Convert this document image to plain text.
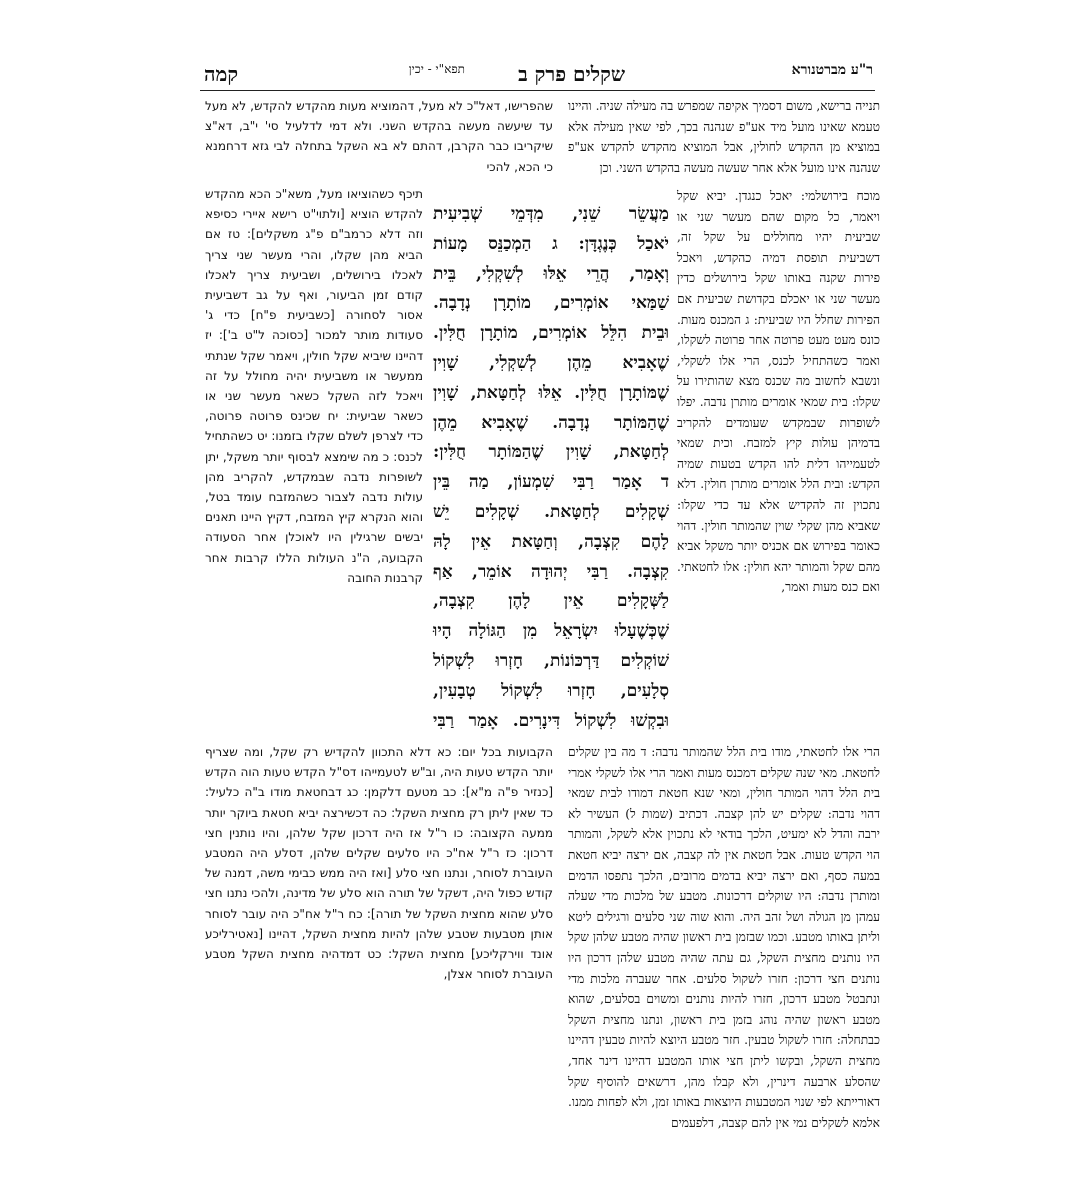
ר"ע מברטנורא
שקלים פרק ב
תפא"י - יכין
קמה

תנייה ברישא, משום דסמיך אקיפה שמפרש בה מעילה שניה. והיינו טעמא שאינו מועל מיד אע"פ שנהנה בכך, לפי שאין מעילה אלא במוציא מן ההקדש לחולין, אבל המוציא מהקדש להקדש אע"פ שנהנה אינו מועל אלא אחר שעשה מעשה בהקדש השני. וכן

מוכח בירושלמי: יאכל כנגדן. יביא שקל ויאמר, כל מקום שהם מעשר שני או שביעית יהיו מחוללים על שקל זה, דשביעית תופסת דמיה כהקדש, ויאכל פירות שקנה באותו שקל בירושלים כדין מעשר שני או יאכלם בקדושת שביעית אם הפירות שחלל היו שביעית: ג המכנס מעות. כונס מעט מעט פרוטה אחר פרוטה לשקלו, ואמר כשהתחיל לכנס, הרי אלו לשקלי, ונשבא לחשוב מה שכנס מצא שהותירו על שקלו: בית שמאי אומרים מותרן נדבה. יפלו לשופרות שבמקדש שעומדים להקריב בדמיהן עולות קיץ למזבח. וכית שמאי לטעמייהו דלית להו הקדש בטעות שמיה הקדש: ובית הלל אומרים מותרן חולין. דלא נתכוין זה להקדיש אלא עד כדי שקלו: שאביא מהן שקלי שוין שהמותר חולין. דהוי כאומר בפירוש אם אכניס יותר משקל אביא מהם שקל והמותר יהא חולין: אלו לחטאתי. ואם כנס מעות ואמר,

שהפרישו, דאל"כ לא מעל, דהמוציא מעות מהקדש להקדש, לא מעל עד שיעשה מעשה בהקדש השני. ולא דמי לדלעיל סי' י"ב, דא"צ שיקריבו כבר הקרבן, דהתם לא בא השקל בתחלה לבי גזא דרחמנא כי הכא, להכי

תיכף כשהוציאו מעל, משא"כ הכא מהקדש להקדש הוציא [ולתוי"ט רישא איירי כסיפא וזה דלא כרמב"ם פ"ג משקלים]: טז אם הביא מהן שקלו, והרי מעשר שני צריך לאכלו בירושלים, ושביעית צריך לאכלו קודם זמן הביעור, ואף על גב דשביעית אסור לסחורה [כשביעית פ"ח] כדי ג' סעודות מותר למכור [כסוכה ל"ט ב']: יז דהיינו שיביא שקל חולין, ויאמר שקל שנתתי ממעשר או משביעית יהיה מחולל על זה ויאכל לזה השקל כשאר מעשר שני או כשאר שביעית: יח שכינס פרוטה פרוטה, כדי לצרפן לשלם שקלו בזמנו: יט כשהתחיל לכנס: כ מה שימצא לבסוף יותר משקל, יתן לשופרות נדבה שבמקדש, להקריב מהן עולות נדבה לצבור כשהמזבח עומד בטל, והוא הנקרא קיץ המזבח, דקיץ היינו תאנים יבשים שרגילין היו לאוכלן אחר הסעודה הקבועה, ה"נ העולות הללו קרבות אחר קרבנות החובה

מַעֲשֵׂר שֵׁנִי, מִדְּמֵי שְׁבִיעִית
יֹאכַל כְּנֶגְדָּן: ג הַמְכַנֵּס מָעוֹת
וְאָמַר, הֲרֵי אֵלּוּ לְשִׁקְלִי, בֵּית
שַׁמַּאי אוֹמְרִים, מוֹתָרָן נְדָבָה.
וּבֵית הִלֵּל אוֹמְרִים, מוֹתָרָן חֻלִּין.
שֶׁאָבִיא מֵהֶן לְשִׁקְלִי, שָׁוִין
שֶׁמּוֹתָרָן חֻלִּין. אֵלּוּ לְחַטָּאת, שָׁוִין
שֶׁהַמּוֹתָר נְדָבָה. שֶׁאָבִיא מֵהֶן
לְחַטָּאת, שָׁוִין שֶׁהַמּוֹתָר חֻלִּין:
ד אָמַר רַבִּי שִׁמְעוֹן, מַה בֵּין
שְׁקָלִים לְחַטָּאת. שְׁקָלִים יֵשׁ
לָהֶם קִצְבָה, וְחַטָּאת אֵין לָהּ
קִצְבָה. רַבִּי יְהוּדָה אוֹמֵר, אַף
לַשְּׁקָלִים אֵין לָהֶן קִצְבָה,
שֶׁכְּשֶׁעָלוּ יִשְׂרָאֵל מִן הַגּוֹלָה הָיוּ
שׁוֹקְלִים דַּרְכּוֹנוֹת, חָזְרוּ לִשְׁקוֹל
סְלָעִים, חָזְרוּ לִשְׁקוֹל טְבָעִין,
וּבִקְשׁוּ לִשְׁקוֹל דִּינָרִים. אָמַר רַבִּי

הקבועות בכל יום: כא דלא התכוון להקדיש רק שקל, ומה שצריף יותר הקדש טעות היה, וב"ש לטעמייהו דס"ל הקדש טעות הוה הקדש [כנזיר פ"ה מ"א]: כב מטעם דלקמן: כג דבחטאת מודו ב"ה כלעיל: כד שאין ליתן רק מחצית השקל: כה דכשירצה יביא חטאת ביוקר יותר ממעה הקצובה: כו ר"ל אז היה דרכון שקל שלהן, והיו נותנין חצי דרכון: כז ר"ל אח"כ היו סלעים שקלים שלהן, דסלע היה המטבע העוברת לסוחר, ונתנו חצי סלע [ואז היה ממש כבימי משה, דמנה של קודש כפול היה, דשקל של תורה הוא סלע של מדינה, ולהכי נתנו חצי סלע שהוא מחצית השקל של תורה]: כח ר"ל אח"כ היה עובר לסוחר אותן מטבעות שטבע שלהן להיות מחצית השקל, דהיינו [נאטירליכע אונד ווירקליכע] מחצית השקל: כט דמדהיה מחצית השקל מטבע העוברת לסוחר אצלן,

הרי אלו לחטאתי, מודו בית הלל שהמותר נדבה: ד מה בין שקלים לחטאת. מאי שנה שקלים דמכנס מעות ואמר הרי אלו לשקלי אמרי בית הלל דהוי המותר חולין, ומאי שנא חטאת דמודו לבית שמאי דהוי נדבה: שקלים יש להן קצבה. דכתיב (שמות ל) העשיר לא ירבה והדל לא ימעיט, הלכך בודאי לא נתכוין אלא לשקל, והמותר הוי הקדש טעות. אבל חטאת אין לה קצבה, אם ירצה יביא חטאת במעה כסף, ואם ירצה יביא בדמים מרובים, הלכך נתפסו הדמים ומותרן נדבה: היו שוקלים דרכונות. מטבע של מלכות מדי שעלה עמהן מן הגולה ושל זהב היה. והוא שוה שני סלעים ורגילים ליטא וליתן באותו מטבע. וכמו שבזמן בית ראשון שהיה מטבע שלהן שקל היו נותנים מחצית השקל, גם עתה שהיה מטבע שלהן דרכון היו נותנים חצי דרכון: חזרו לשקול סלעים. אחר שעברה מלכות מדי ונתבטל מטבע דרכון, חזרו להיות נותנים ומשוים בסלעים, שהוא מטבע ראשון שהיה נוהג בזמן בית ראשון, ונתנו מחצית השקל כבתחלה: חזרו לשקול טבעין. חזר מטבע היוצא להיות טבעין דהיינו מחצית השקל, ובקשו ליתן חצי אותו המטבע דהיינו דינר אחד, שהסלע ארבעה דינרין, ולא קבלו מהן, דרשאים להוסיף שקל דאורייתא לפי שנוי המטבעות היוצאות באותו זמן, ולא לפחות ממנו. אלמא לשקלים נמי אין להם קצבה, דלפעמים
